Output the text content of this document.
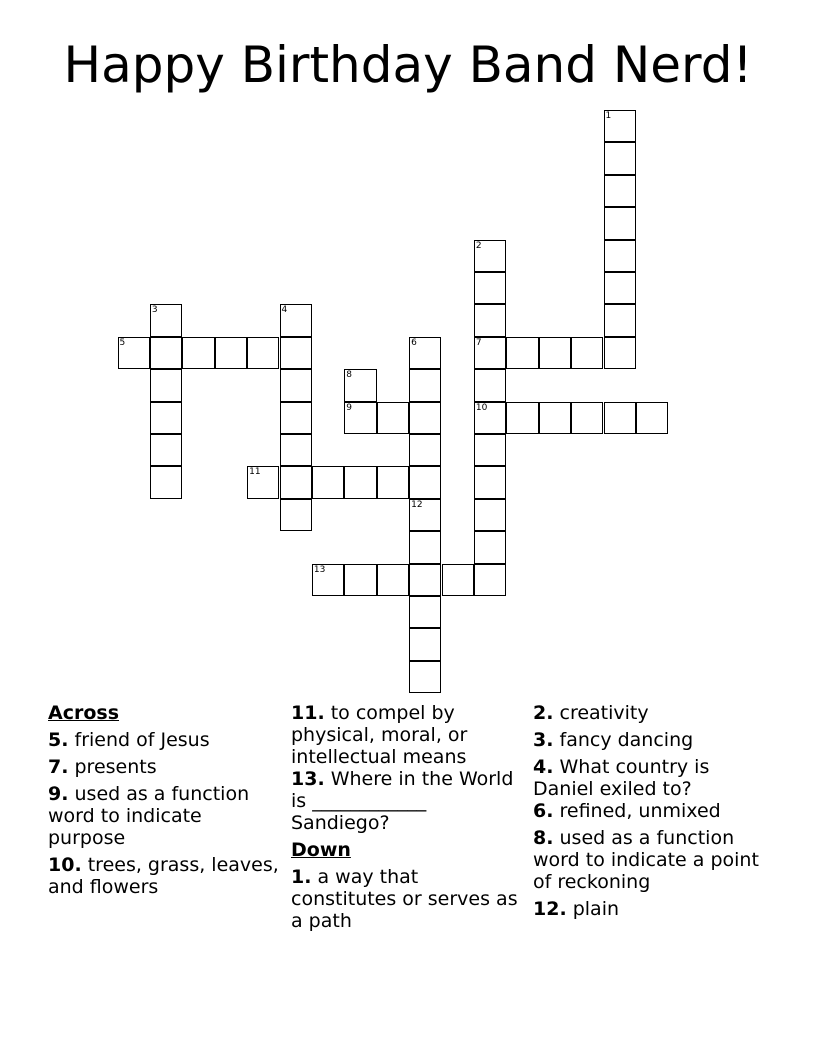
Happy Birthday Band Nerd!
1
2
7
10
3	4
5	6
8
9
11
12
13
Across
5. friend of Jesus
7. presents
9. used as a function word to indicate purpose
10. trees, grass, leaves, and flowers
11. to compel by physical, moral, or intellectual means
13. Where in the World is ____________ Sandiego?
Down
1. a way that constitutes or serves as a path
2. creativity
3. fancy dancing
4. What country is Daniel exiled to?
6. refined, unmixed
8. used as a function word to indicate a point of reckoning
12. plain
